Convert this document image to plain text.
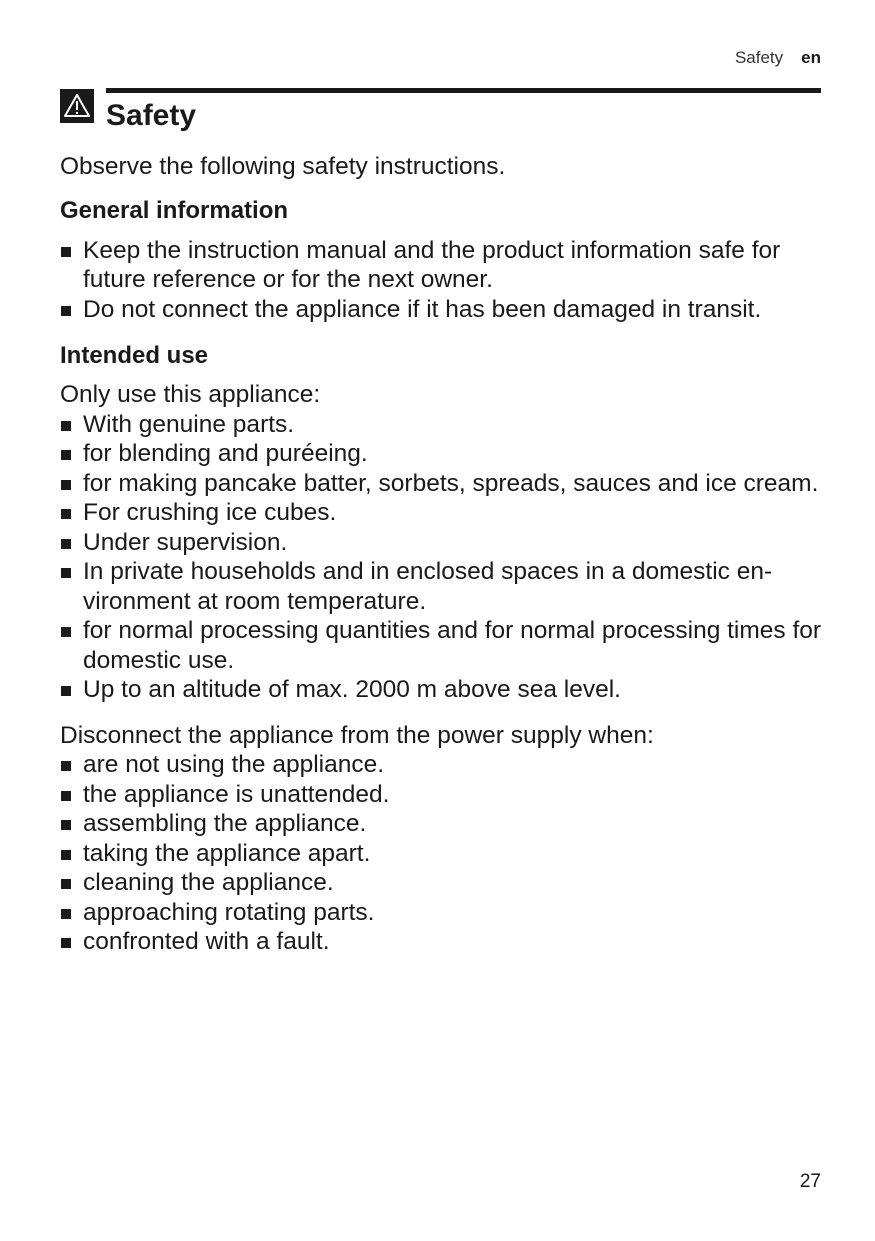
Safety en
Safety

Observe the following safety instructions.

General information
Keep the instruction manual and the product information safe for future reference or for the next owner.
Do not connect the appliance if it has been damaged in transit.
Intended use

Only use this appliance:

With genuine parts.
for blending and puréeing.
for making pancake batter, sorbets, spreads, sauces and ice cream.
For crushing ice cubes.
Under supervision.
In private households and in enclosed spaces in a domestic en-vironment at room temperature.
for normal processing quantities and for normal processing times for domestic use.
Up to an altitude of max. 2000 m above sea level.

Disconnect the appliance from the power supply when:

are not using the appliance.
the appliance is unattended.
assembling the appliance.
taking the appliance apart.
cleaning the appliance.
approaching rotating parts.
confronted with a fault.
27
